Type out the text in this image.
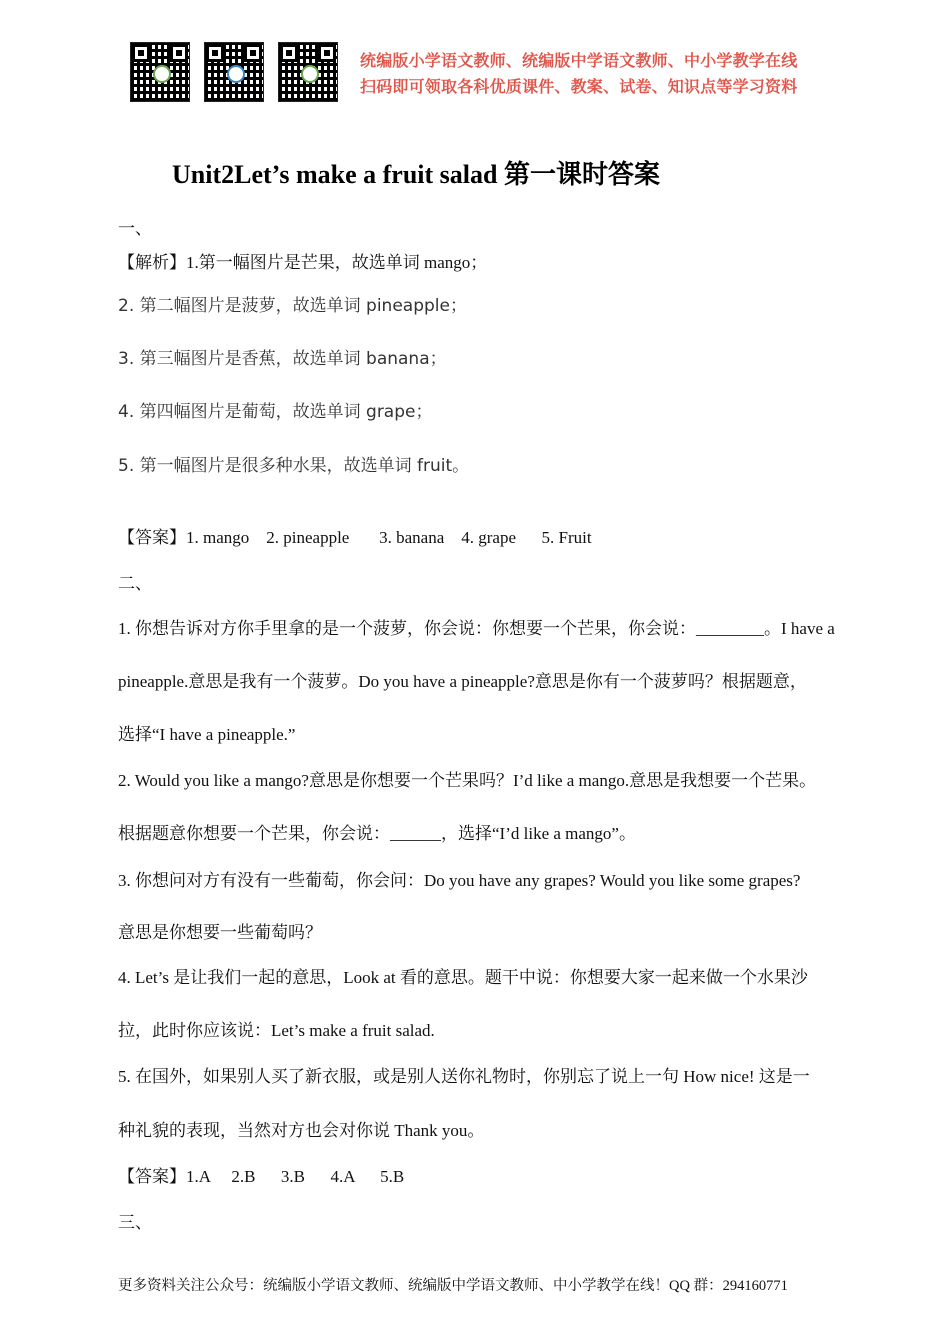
统编版小学语文教师、统编版中学语文教师、中小学教学在线
扫码即可领取各科优质课件、教案、试卷、知识点等学习资料
Unit2Let’s make a fruit salad 第一课时答案
一、
【解析】1.第一幅图片是芒果，故选单词 mango；
2. 第二幅图片是菠萝，故选单词 pineapple；
3. 第三幅图片是香蕉，故选单词 banana；
4. 第四幅图片是葡萄，故选单词 grape；
5. 第一幅图片是很多种水果，故选单词 fruit。
【答案】1. mango    2. pineapple       3. banana    4. grape      5. Fruit
二、
1. 你想告诉对方你手里拿的是一个菠萝，你会说：你想要一个芒果，你会说：________。I have a
pineapple.意思是我有一个菠萝。Do you have a pineapple?意思是你有一个菠萝吗？根据题意，
选择“I have a pineapple.”
2. Would you like a mango?意思是你想要一个芒果吗？I’d like a mango.意思是我想要一个芒果。
根据题意你想要一个芒果，你会说：______，选择“I’d like a mango”。
3. 你想问对方有没有一些葡萄，你会问：Do you have any grapes? Would you like some grapes?
意思是你想要一些葡萄吗？
4. Let’s 是让我们一起的意思，Look at 看的意思。题干中说：你想要大家一起来做一个水果沙
拉，此时你应该说：Let’s make a fruit salad.
5. 在国外，如果别人买了新衣服，或是别人送你礼物时，你别忘了说上一句 How nice! 这是一
种礼貌的表现，当然对方也会对你说 Thank you。
【答案】1.A     2.B      3.B      4.A      5.B
三、
更多资料关注公众号：统编版小学语文教师、统编版中学语文教师、中小学教学在线！QQ 群：294160771
